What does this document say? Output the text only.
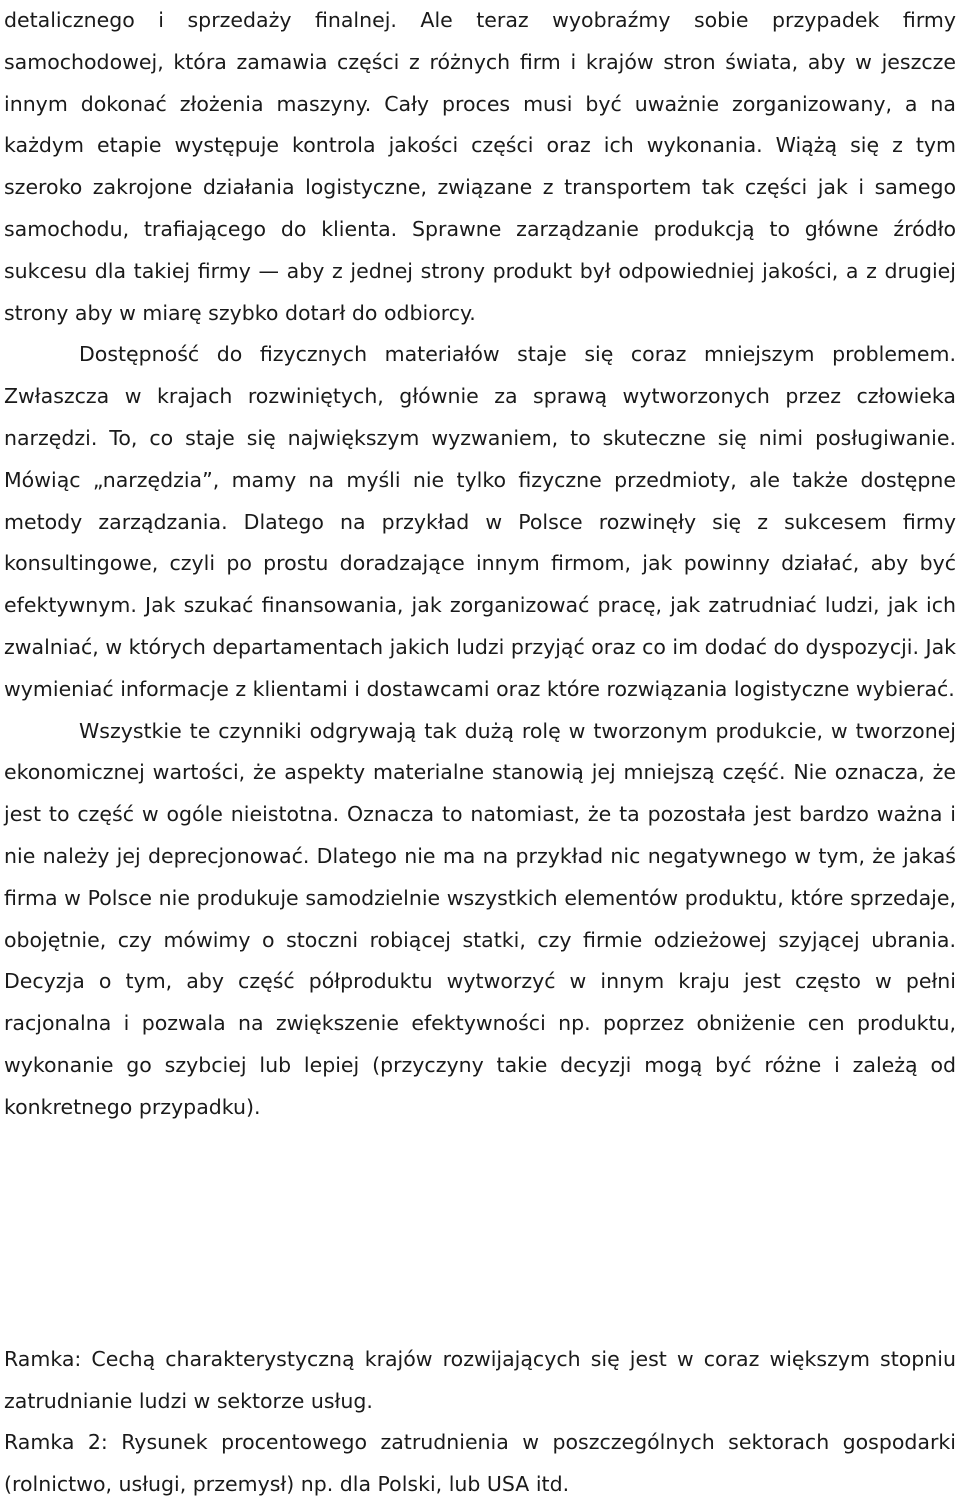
detalicznego i sprzedaży finalnej. Ale teraz wyobraźmy sobie przypadek firmy samochodowej, która zamawia części z różnych firm i krajów stron świata, aby w jeszcze innym dokonać złożenia maszyny. Cały proces musi być uważnie zorganizowany, a na każdym etapie występuje kontrola jakości części oraz ich wykonania. Wiążą się z tym szeroko zakrojone działania logistyczne, związane z transportem tak części jak i samego samochodu, trafiającego do klienta. Sprawne zarządzanie produkcją to główne źródło sukcesu dla takiej firmy — aby z jednej strony produkt był odpowiedniej jakości, a z drugiej strony aby w miarę szybko dotarł do odbiorcy.

Dostępność do fizycznych materiałów staje się coraz mniejszym problemem. Zwłaszcza w krajach rozwiniętych, głównie za sprawą wytworzonych przez człowieka narzędzi. To, co staje się największym wyzwaniem, to skuteczne się nimi posługiwanie. Mówiąc „narzędzia”, mamy na myśli nie tylko fizyczne przedmioty, ale także dostępne metody zarządzania. Dlatego na przykład w Polsce rozwinęły się z sukcesem firmy konsultingowe, czyli po prostu doradzające innym firmom, jak powinny działać, aby być efektywnym. Jak szukać finansowania, jak zorganizować pracę, jak zatrudniać ludzi, jak ich zwalniać, w których departamentach jakich ludzi przyjąć oraz co im dodać do dyspozycji. Jak wymieniać informacje z klientami i dostawcami oraz które rozwiązania logistyczne wybierać.

Wszystkie te czynniki odgrywają tak dużą rolę w tworzonym produkcie, w tworzonej ekonomicznej wartości, że aspekty materialne stanowią jej mniejszą część. Nie oznacza, że jest to część w ogóle nieistotna. Oznacza to natomiast, że ta pozostała jest bardzo ważna i nie należy jej deprecjonować. Dlatego nie ma na przykład nic negatywnego w tym, że jakaś firma w Polsce nie produkuje samodzielnie wszystkich elementów produktu, które sprzedaje, obojętnie, czy mówimy o stoczni robiącej statki, czy firmie odzieżowej szyjącej ubrania. Decyzja o tym, aby część półproduktu wytworzyć w innym kraju jest często w pełni racjonalna i pozwala na zwiększenie efektywności np. poprzez obniżenie cen produktu, wykonanie go szybciej lub lepiej (przyczyny takie decyzji mogą być różne i zależą od konkretnego przypadku).

Ramka: Cechą charakterystyczną krajów rozwijających się jest w coraz większym stopniu zatrudnianie ludzi w sektorze usług.

Ramka 2: Rysunek procentowego zatrudnienia w poszczególnych sektorach gospodarki (rolnictwo, usługi, przemysł) np. dla Polski, lub USA itd.
